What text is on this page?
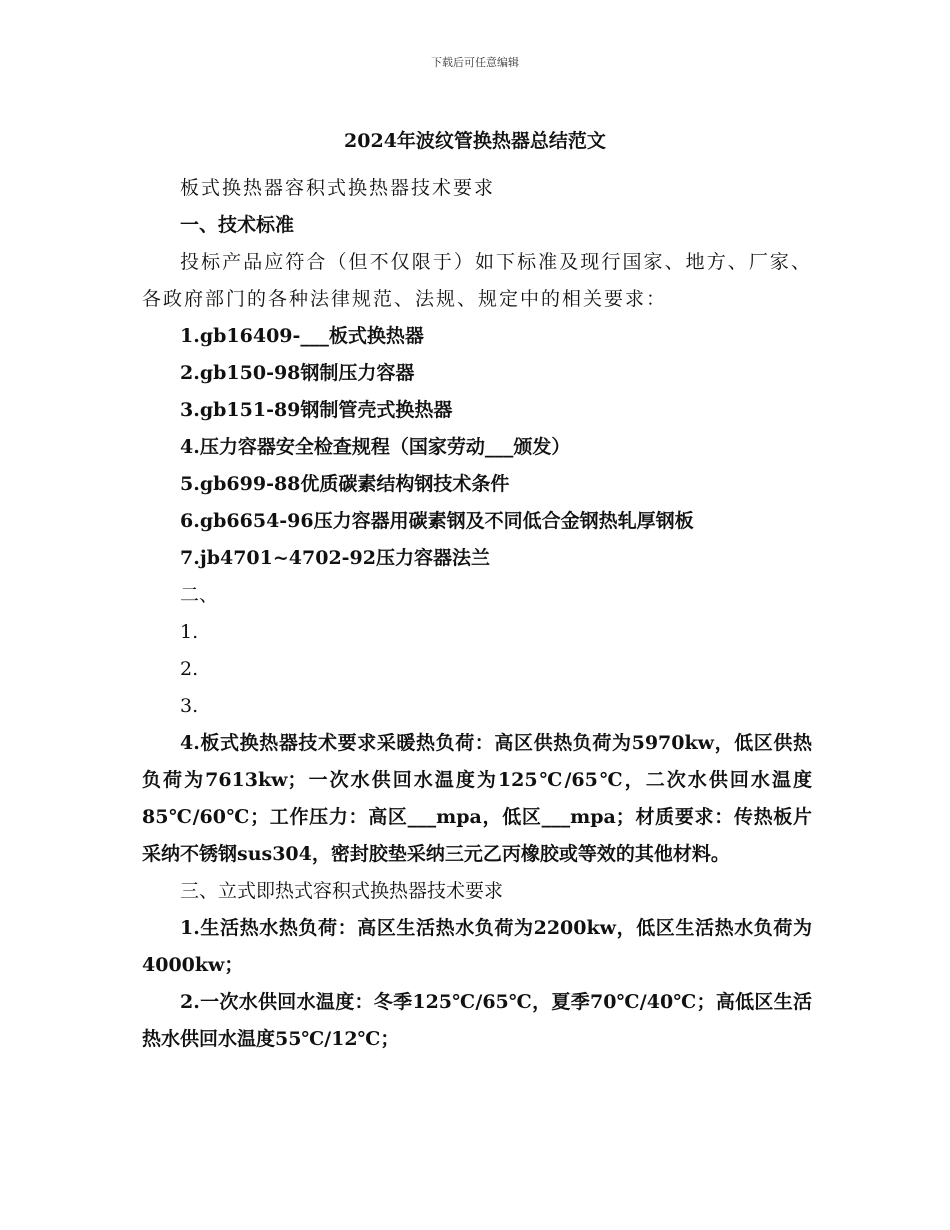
下载后可任意编辑
2024年波纹管换热器总结范文

板式换热器容积式换热器技术要求

一、技术标准

投标产品应符合（但不仅限于）如下标准及现行国家、地方、厂家、各政府部门的各种法律规范、法规、规定中的相关要求：

1.gb16409-___板式换热器

2.gb150-98钢制压力容器

3.gb151-89钢制管壳式换热器

4.压力容器安全检查规程（国家劳动___颁发）

5.gb699-88优质碳素结构钢技术条件

6.gb6654-96压力容器用碳素钢及不同低合金钢热轧厚钢板

7.jb4701~4702-92压力容器法兰

二、

1.

2.

3.

4.板式换热器技术要求采暖热负荷：高区供热负荷为5970kw，低区供热负荷为7613kw；一次水供回水温度为125℃/65℃，二次水供回水温度85℃/60℃；工作压力：高区___mpa，低区___mpa；材质要求：传热板片采纳不锈钢sus304，密封胶垫采纳三元乙丙橡胶或等效的其他材料。

三、立式即热式容积式换热器技术要求

1.生活热水热负荷：高区生活热水负荷为2200kw，低区生活热水负荷为4000kw；

2.一次水供回水温度：冬季125℃/65℃，夏季70℃/40℃；高低区生活热水供回水温度55℃/12℃；
